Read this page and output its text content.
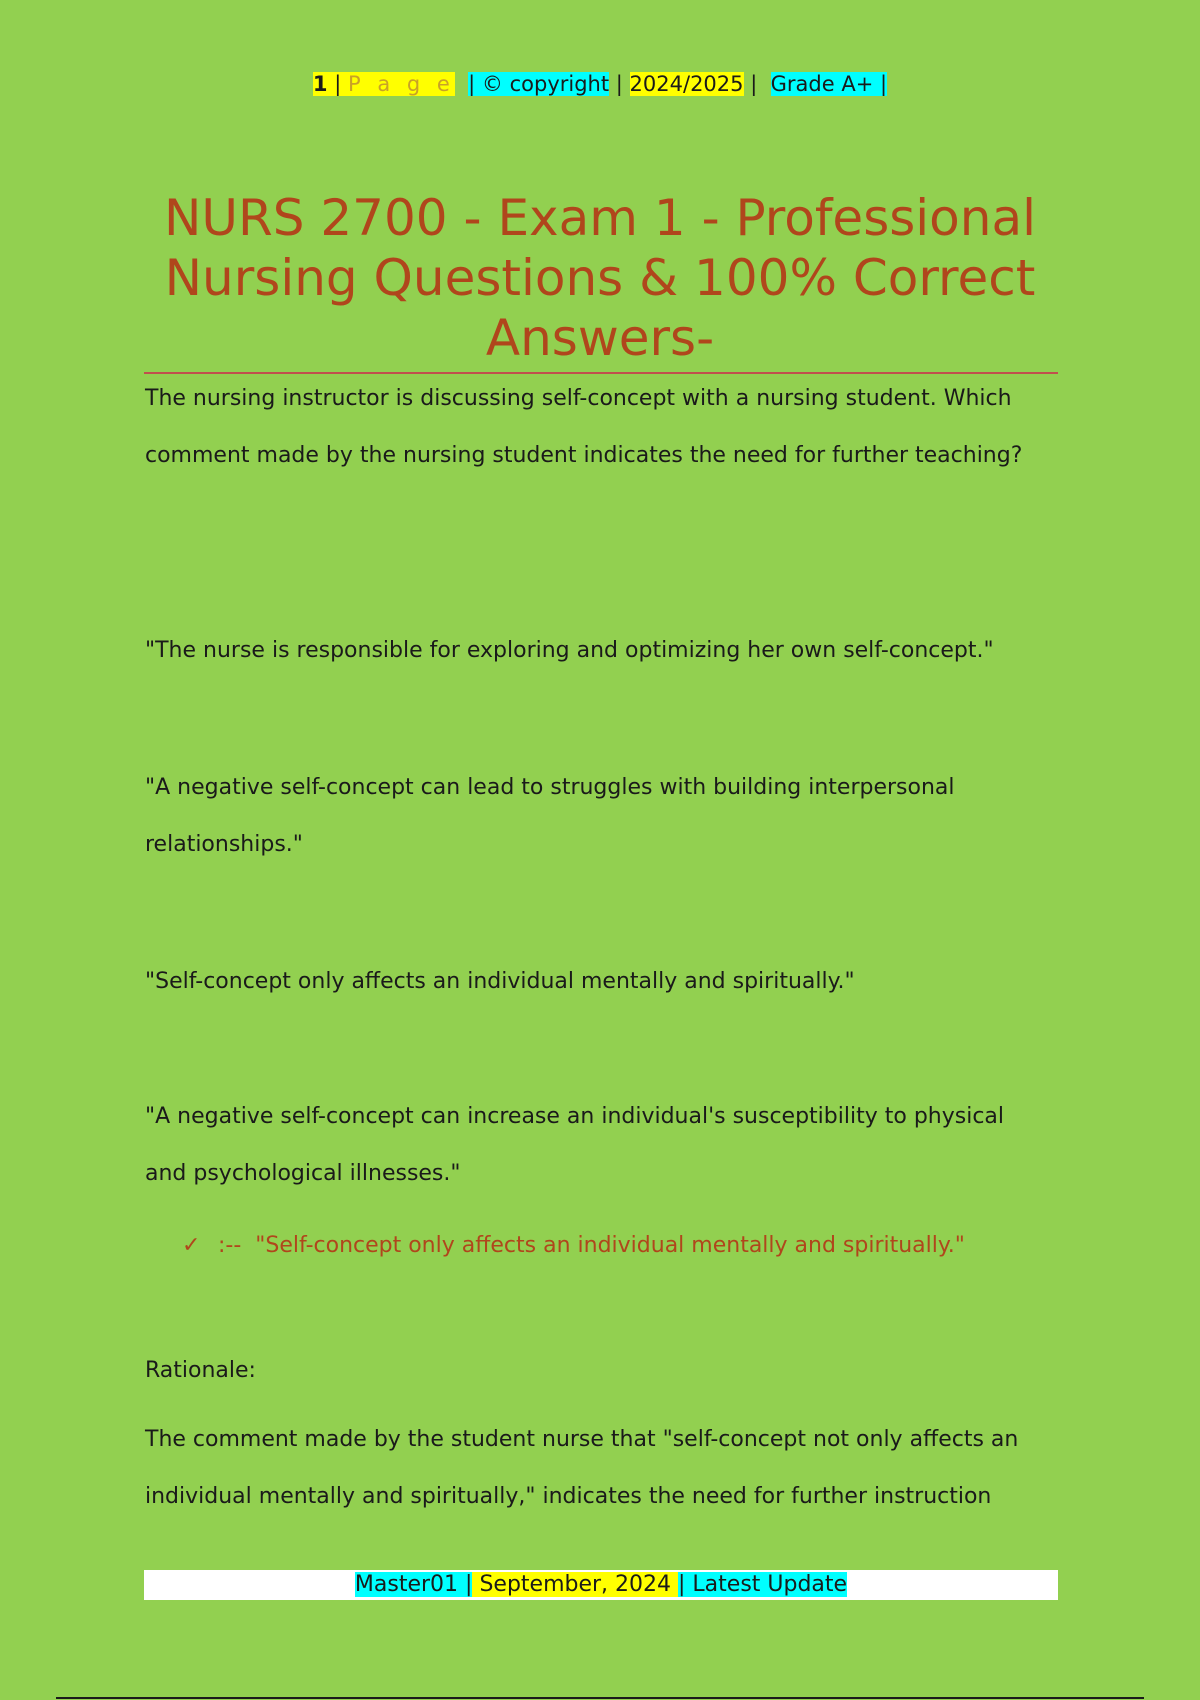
1 | P a g e | © copyright | 2024/2025 | Grade A+ |
NURS 2700 - Exam 1 - Professional Nursing Questions & 100% Correct Answers-

The nursing instructor is discussing self-concept with a nursing student. Which comment made by the nursing student indicates the need for further teaching?

"The nurse is responsible for exploring and optimizing her own self-concept."

"A negative self-concept can lead to struggles with building interpersonal relationships."

"Self-concept only affects an individual mentally and spiritually."

"A negative self-concept can increase an individual's susceptibility to physical and psychological illnesses."

✓ :-- "Self-concept only affects an individual mentally and spiritually."

Rationale:

The comment made by the student nurse that "self-concept not only affects an individual mentally and spiritually," indicates the need for further instruction

Master01 | September, 2024 | Latest Update
